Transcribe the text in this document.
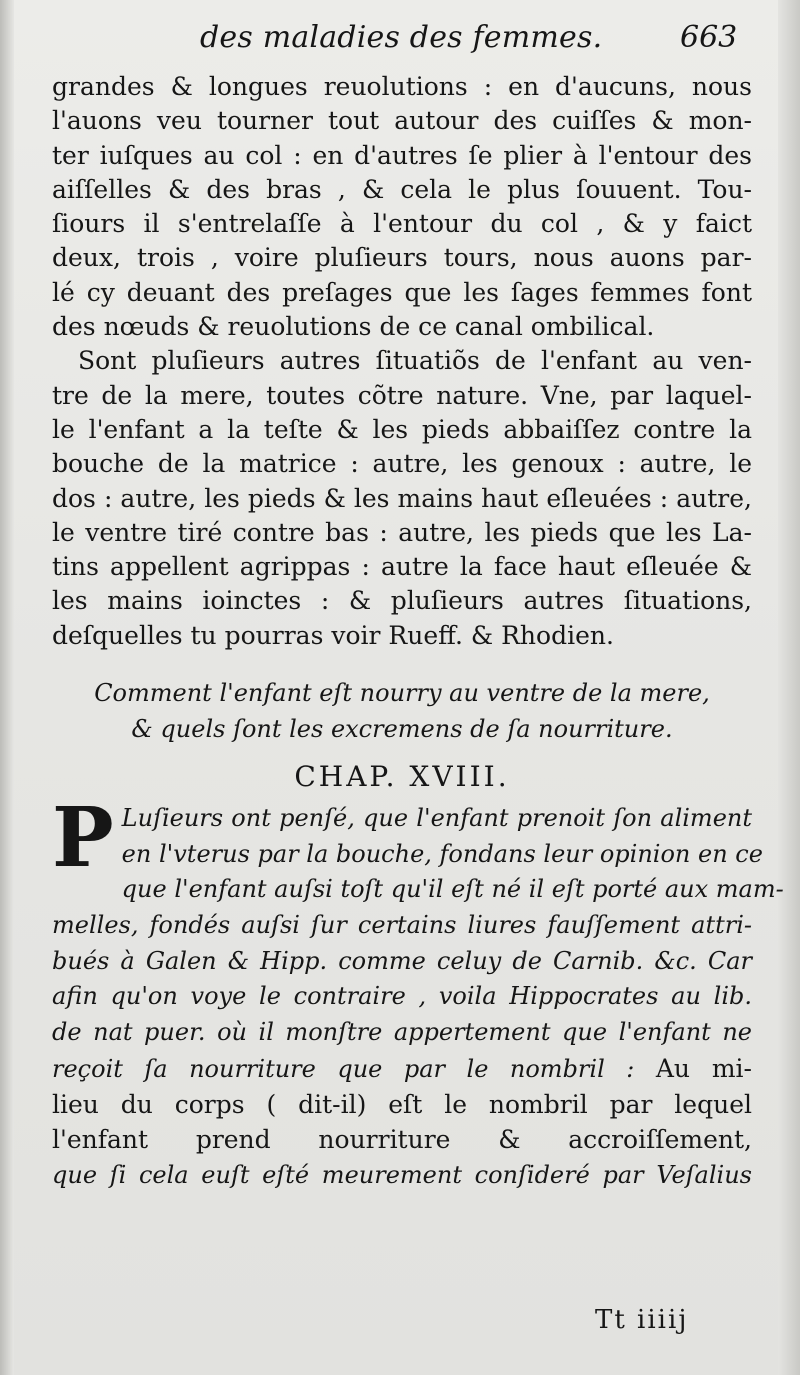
des maladies des femmes.	663
grandes & longues reuolutions : en d'aucuns, nous
l'auons veu tourner tout autour des cuiſſes & mon-
ter iuſques au col : en d'autres ſe plier à l'entour des
aiſſelles & des bras , & cela le plus ſouuent. Tou-
ſiours il s'entrelaſſe à l'entour du col , & y faict
deux, trois , voire pluſieurs tours, nous auons par-
lé cy deuant des preſages que les ſages femmes font
des nœuds & reuolutions de ce canal ombilical.
Sont pluſieurs autres ſituatiõs de l'enfant au ven-
tre de la mere, toutes cõtre nature. Vne, par laquel-
le l'enfant a la teſte & les pieds abbaiſſez contre la
bouche de la matrice : autre, les genoux : autre, le
dos : autre, les pieds & les mains haut eſleuées : autre,
le ventre tiré contre bas : autre, les pieds que les La-
tins appellent agrippas : autre la face haut eſleuée &
les mains ioinctes : & pluſieurs autres ſituations,
deſquelles tu pourras voir Rueff. & Rhodien.
Comment l'enfant eſt nourry au ventre de la mere,
& quels ſont les excremens de ſa nourriture.
CHAP. XVIII.
P Luſieurs ont penſé, que l'enfant prenoit ſon aliment
en l'vterus par la bouche, fondans leur opinion en ce
que l'enfant auſsi toſt qu'il eſt né il eſt porté aux mam-
melles, fondés auſsi ſur certains liures fauſſement attri-
bués à Galen & Hipp. comme celuy de Carnib. &c. Car
afin qu'on voye le contraire , voila Hippocrates au lib.
de nat puer. où il monſtre appertement que l'enfant ne
reçoit ſa nourriture que par le nombril : Au mi-
lieu du corps ( dit-il) eſt le nombril par lequel
l'enfant prend nourriture & accroiſſement,
que ſi cela euſt eſté meurement conſideré par Veſalius
Tt iiiij
